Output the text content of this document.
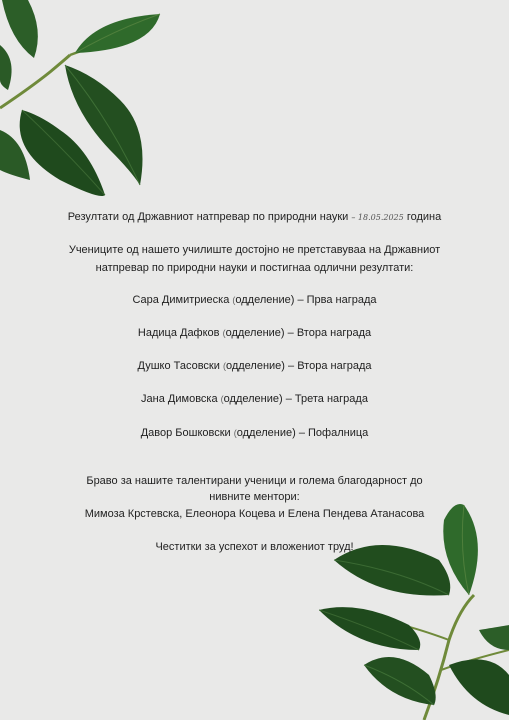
Резултати од Државниот натпревар по природни науки – 18.05.2025 година
Учениците од нашето училиште достојно не претставуваа на Државниот
натпревар по природни науки и постигнаа одлични резултати:
Сара Димитриеска (одделение) – Прва награда
Надица Дафков (одделение) – Втора награда
Душко Тасовски (одделение) – Втора награда
Јана Димовска (одделение) – Трета награда
Давор Бошковски (одделение) – Пофалница
Браво за нашите талентирани ученици и голема благодарност до
нивните ментори:
Мимоза Крстевска, Елеонора Коцева и Елена Пендева Атанасова
Честитки за успехот и вложениот труд!
